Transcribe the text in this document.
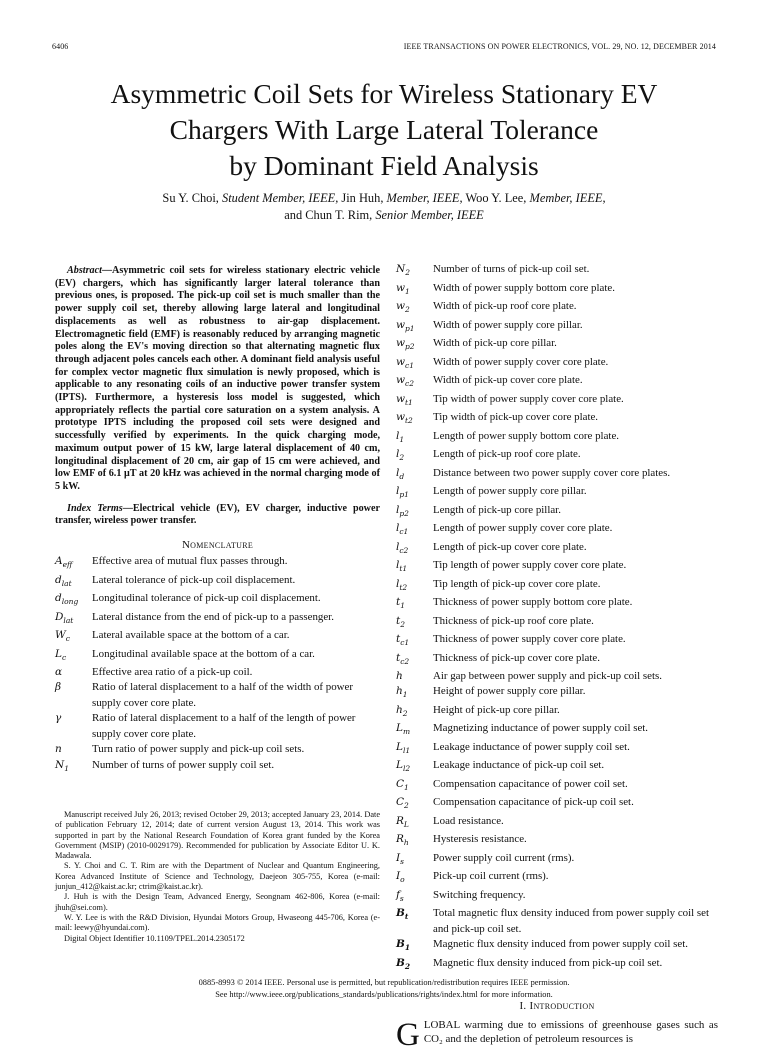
6406	IEEE TRANSACTIONS ON POWER ELECTRONICS, VOL. 29, NO. 12, DECEMBER 2014
Asymmetric Coil Sets for Wireless Stationary EV
Chargers With Large Lateral Tolerance
by Dominant Field Analysis
Su Y. Choi, Student Member, IEEE, Jin Huh, Member, IEEE, Woo Y. Lee, Member, IEEE,
and Chun T. Rim, Senior Member, IEEE

Abstract—Asymmetric coil sets for wireless stationary electric vehicle (EV) chargers, which has significantly larger lateral tolerance than previous ones, is proposed. The pick-up coil set is much smaller than the power supply coil set, thereby allowing large lateral and longitudinal displacements as well as robustness to air-gap displacement. Electromagnetic field (EMF) is reasonably reduced by arranging magnetic poles along the EV's moving direction so that alternating magnetic flux through adjacent poles cancels each other. A dominant field analysis useful for complex vector magnetic flux simulation is newly proposed, which is applicable to any resonating coils of an inductive power transfer system (IPTS). Furthermore, a hysteresis loss model is suggested, which appropriately reflects the partial core saturation on a system analysis. A prototype IPTS including the proposed coil sets were designed and successfully verified by experiments. In the quick charging mode, maximum output power of 15 kW, large lateral displacement of 40 cm, longitudinal displacement of 20 cm, air gap of 15 cm were achieved, and low EMF of 6.1 μT at 20 kHz was achieved in the normal charging mode of 5 kW.

Index Terms—Electrical vehicle (EV), EV charger, inductive power transfer, wireless power transfer.

Nomenclature
$A_{eff}$	Effective area of mutual flux passes through.
$d_{lat}$	Lateral tolerance of pick-up coil displacement.
$d_{long}$	Longitudinal tolerance of pick-up coil displacement.
$D_{lat}$	Lateral distance from the end of pick-up to a passenger.
$W_c$	Lateral available space at the bottom of a car.
$L_c$	Longitudinal available space at the bottom of a car.
α	Effective area ratio of a pick-up coil.
β	Ratio of lateral displacement to a half of the width of power supply cover core plate.
γ	Ratio of lateral displacement to a half of the length of power supply cover core plate.
n	Turn ratio of power supply and pick-up coil sets.
$N_1$	Number of turns of power supply coil set.

Manuscript received July 26, 2013; revised October 29, 2013; accepted January 23, 2014. Date of publication February 12, 2014; date of current version August 13, 2014. This work was supported in part by the National Research Foundation of Korea grant funded by the Korea Government (MSIP) (2010-0029179). Recommended for publication by Associate Editor U. K. Madawala.

S. Y. Choi and C. T. Rim are with the Department of Nuclear and Quantum Engineering, Korea Advanced Institute of Science and Technology, Daejeon 305-755, Korea (e-mail: junjun_412@kaist.ac.kr; ctrim@kaist.ac.kr).

J. Huh is with the Design Team, Advanced Energy, Seongnam 462-806, Korea (e-mail: jhuh@sei.com).

W. Y. Lee is with the R&D Division, Hyundai Motors Group, Hwaseong 445-706, Korea (e-mail: leewy@hyundai.com).

Digital Object Identifier 10.1109/TPEL.2014.2305172

$N_2$	Number of turns of pick-up coil set.
$w_1$	Width of power supply bottom core plate.
$w_2$	Width of pick-up roof core plate.
$w_{p1}$	Width of power supply core pillar.
$w_{p2}$	Width of pick-up core pillar.
$w_{c1}$	Width of power supply cover core plate.
$w_{c2}$	Width of pick-up cover core plate.
$w_{t1}$	Tip width of power supply cover core plate.
$w_{t2}$	Tip width of pick-up cover core plate.
$l_1$	Length of power supply bottom core plate.
$l_2$	Length of pick-up roof core plate.
$l_d$	Distance between two power supply cover core plates.
$l_{p1}$	Length of power supply core pillar.
$l_{p2}$	Length of pick-up core pillar.
$l_{c1}$	Length of power supply cover core plate.
$l_{c2}$	Length of pick-up cover core plate.
$l_{t1}$	Tip length of power supply cover core plate.
$l_{t2}$	Tip length of pick-up cover core plate.
$t_1$	Thickness of power supply bottom core plate.
$t_2$	Thickness of pick-up roof core plate.
$t_{c1}$	Thickness of power supply cover core plate.
$t_{c2}$	Thickness of pick-up cover core plate.
h	Air gap between power supply and pick-up coil sets.
$h_1$	Height of power supply core pillar.
$h_2$	Height of pick-up core pillar.
$L_m$	Magnetizing inductance of power supply coil set.
$L_{l1}$	Leakage inductance of power supply coil set.
$L_{l2}$	Leakage inductance of pick-up coil set.
$C_1$	Compensation capacitance of power coil set.
$C_2$	Compensation capacitance of pick-up coil set.
$R_L$	Load resistance.
$R_h$	Hysteresis resistance.
$I_s$	Power supply coil current (rms).
$I_o$	Pick-up coil current (rms).
$f_s$	Switching frequency.
$B_t$	Total magnetic flux density induced from power supply coil set and pick-up coil set.
$B_1$	Magnetic flux density induced from power supply coil set.
$B_2$	Magnetic flux density induced from pick-up coil set.
I. Introduction
GLOBAL warming due to emissions of greenhouse gases such as CO₂ and the depletion of petroleum resources is
0885-8993 © 2014 IEEE. Personal use is permitted, but republication/redistribution requires IEEE permission.
See http://www.ieee.org/publications_standards/publications/rights/index.html for more information.
